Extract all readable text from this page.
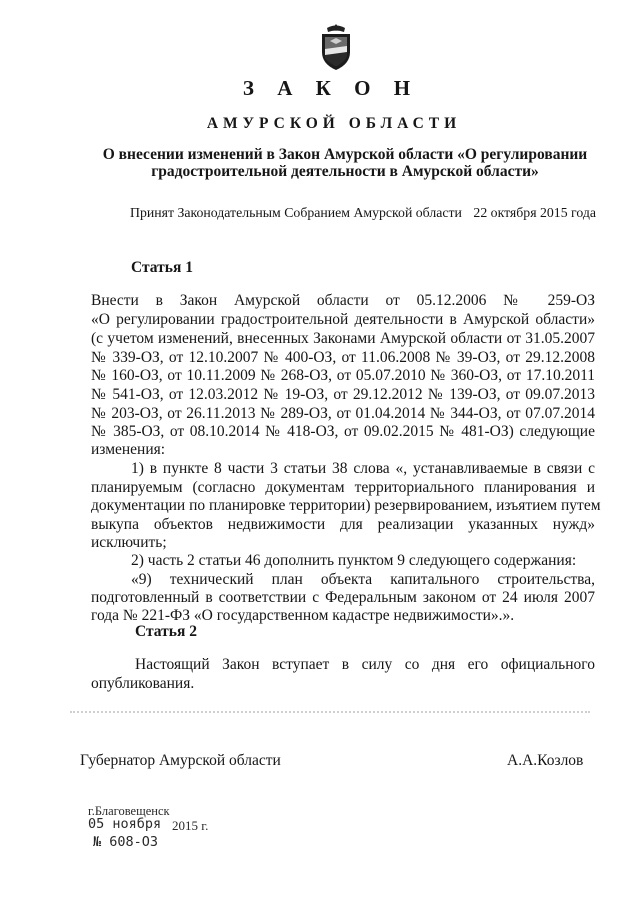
З А К О Н
АМУРСКОЙ ОБЛАСТИ
О внесении изменений в Закон Амурской области «О регулировании градостроительной деятельности в Амурской области»
Принят Законодательным Собранием Амурской области 22 октября 2015 года
Статья 1
Внести в Закон Амурской области от 05.12.2006 № 259-ОЗ
«О регулировании градостроительной деятельности в Амурской области»
(с учетом изменений, внесенных Законами Амурской области от 31.05.2007
№ 339-ОЗ, от 12.10.2007 № 400-ОЗ, от 11.06.2008 № 39-ОЗ, от 29.12.2008
№ 160-ОЗ, от 10.11.2009 № 268-ОЗ, от 05.07.2010 № 360-ОЗ, от 17.10.2011
№ 541-ОЗ, от 12.03.2012 № 19-ОЗ, от 29.12.2012 № 139-ОЗ, от 09.07.2013
№ 203-ОЗ, от 26.11.2013 № 289-ОЗ, от 01.04.2014 № 344-ОЗ, от 07.07.2014
№ 385-ОЗ, от 08.10.2014 № 418-ОЗ, от 09.02.2015 № 481-ОЗ) следующие
изменения:
1) в пункте 8 части 3 статьи 38 слова «, устанавливаемые в связи с
планируемым (согласно документам территориального планирования и
документации по планировке территории) резервированием, изъятием путем
выкупа объектов недвижимости для реализации указанных нужд»
исключить;
2) часть 2 статьи 46 дополнить пунктом 9 следующего содержания:
«9) технический план объекта капитального строительства,
подготовленный в соответствии с Федеральным законом от 24 июля 2007
года № 221-ФЗ «О государственном кадастре недвижимости».».
Статья 2
Настоящий Закон вступает в силу со дня его официального
опубликования.
Губернатор Амурской области	А.А.Козлов
г.Благовещенск
05 ноября 2015 г.
№ 608-ОЗ
